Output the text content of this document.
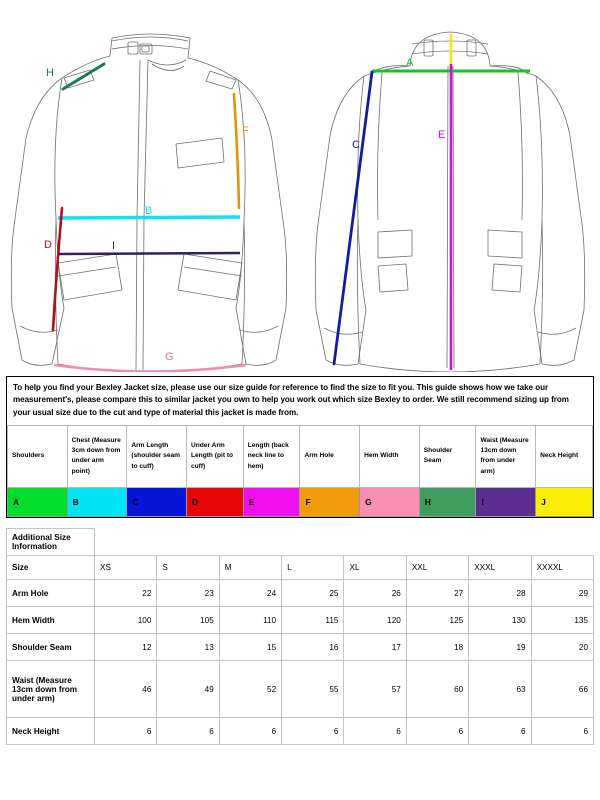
H
F
B
D	I
G
A
C
E
To help you find your Bexley Jacket size, please use our size guide for reference to find the size to fit you. This guide shows how we take our measurement's, please compare this to similar jacket you own to help you work out which size Bexley to order. We still recommend sizing up from your usual size due to the cut and type of material this jacket is made from.
Shoulders	Chest (Measure 3cm down from under arm point)	Arm Length (shoulder seam to cuff)	Under Arm Length (pit to cuff)	Length (back neck line to hem)	Arm Hole	Hem Width	Shoulder Seam	Waist (Measure 13cm down from under arm)	Neck Height
A	B	C	D	E	F	G	H	I	J
Additional Size Information								
Size	XS	S	M	L	XL	XXL	XXXL	XXXXL
Arm Hole	22	23	24	25	26	27	28	29
Hem Width	100	105	110	115	120	125	130	135
Shoulder Seam	12	13	15	16	17	18	19	20
Waist (Measure 13cm down from under arm)	46	49	52	55	57	60	63	66
Neck Height	6	6	6	6	6	6	6	6
